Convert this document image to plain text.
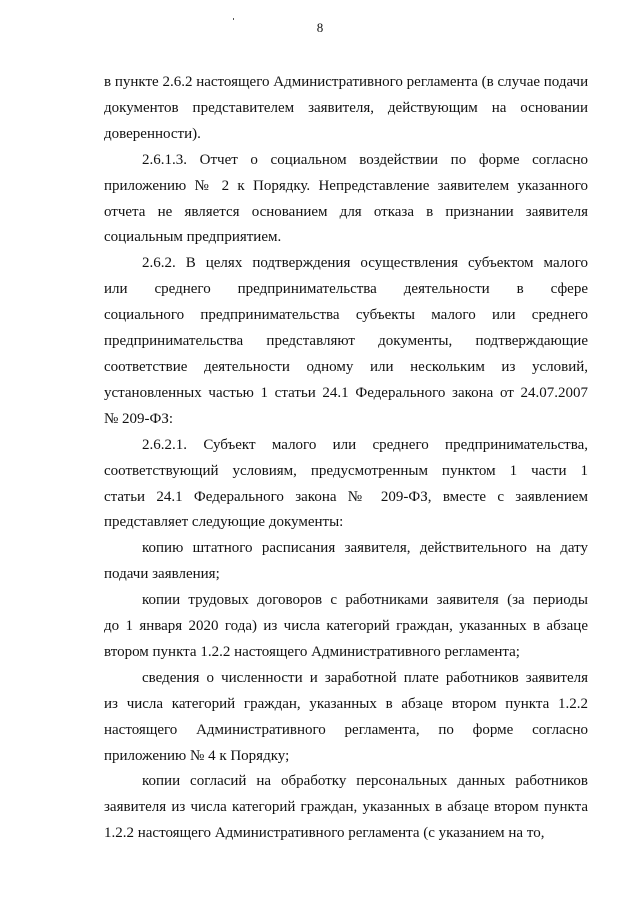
8

в пункте 2.6.2 настоящего Административного регламента (в случае подачи
документов представителем заявителя, действующим на основании
доверенности).

2.6.1.3. Отчет о социальном воздействии по форме согласно
приложению № 2 к Порядку. Непредставление заявителем указанного
отчета не является основанием для отказа в признании заявителя
социальным предприятием.

2.6.2. В целях подтверждения осуществления субъектом малого
или среднего предпринимательства деятельности в сфере
социального предпринимательства субъекты малого или среднего
предпринимательства представляют документы, подтверждающие
соответствие деятельности одному или нескольким из условий,
установленных частью 1 статьи 24.1 Федерального закона от 24.07.2007
№ 209-ФЗ:

2.6.2.1. Субъект малого или среднего предпринимательства,
соответствующий условиям, предусмотренным пунктом 1 части 1
статьи 24.1 Федерального закона № 209-ФЗ, вместе с заявлением
представляет следующие документы:

копию штатного расписания заявителя, действительного на дату
подачи заявления;

копии трудовых договоров с работниками заявителя (за периоды
до 1 января 2020 года) из числа категорий граждан, указанных в абзаце
втором пункта 1.2.2 настоящего Административного регламента;

сведения о численности и заработной плате работников заявителя
из числа категорий граждан, указанных в абзаце втором пункта 1.2.2
настоящего Административного регламента, по форме согласно
приложению № 4 к Порядку;

копии согласий на обработку персональных данных работников
заявителя из числа категорий граждан, указанных в абзаце втором пункта
1.2.2 настоящего Административного регламента (с указанием на то,
